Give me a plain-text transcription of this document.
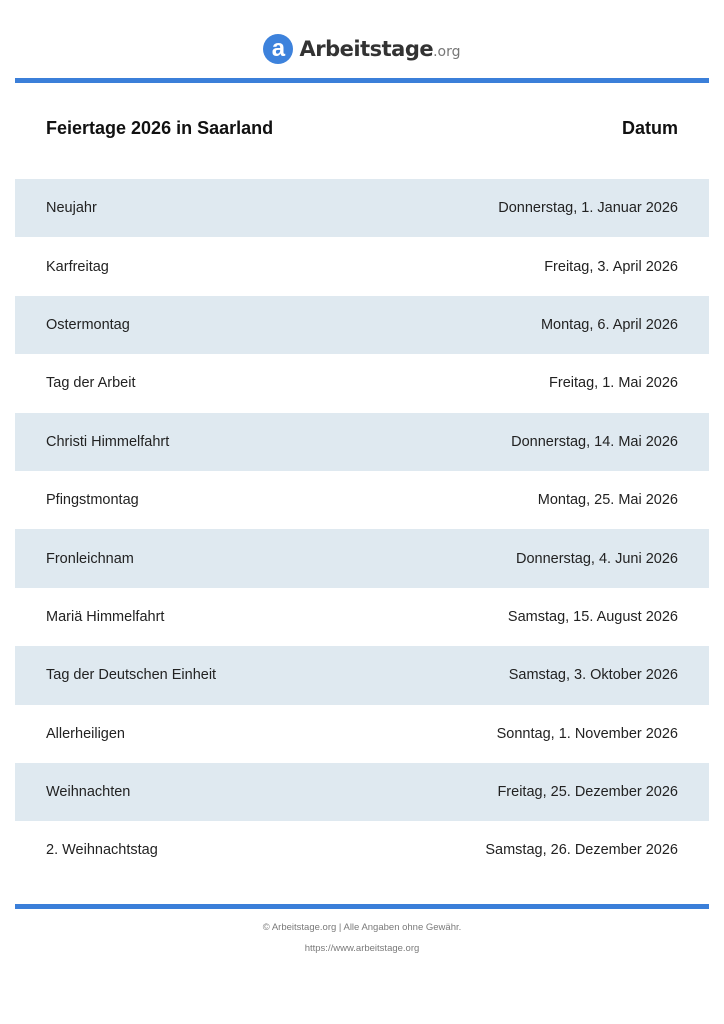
a Arbeitstage .org
Feiertage 2026 in Saarland	Datum
Neujahr	Donnerstag, 1. Januar 2026
Karfreitag	Freitag, 3. April 2026
Ostermontag	Montag, 6. April 2026
Tag der Arbeit	Freitag, 1. Mai 2026
Christi Himmelfahrt	Donnerstag, 14. Mai 2026
Pfingstmontag	Montag, 25. Mai 2026
Fronleichnam	Donnerstag, 4. Juni 2026
Mariä Himmelfahrt	Samstag, 15. August 2026
Tag der Deutschen Einheit	Samstag, 3. Oktober 2026
Allerheiligen	Sonntag, 1. November 2026
Weihnachten	Freitag, 25. Dezember 2026
2. Weihnachtstag	Samstag, 26. Dezember 2026
© Arbeitstage.org | Alle Angaben ohne Gewähr.
https://www.arbeitstage.org
